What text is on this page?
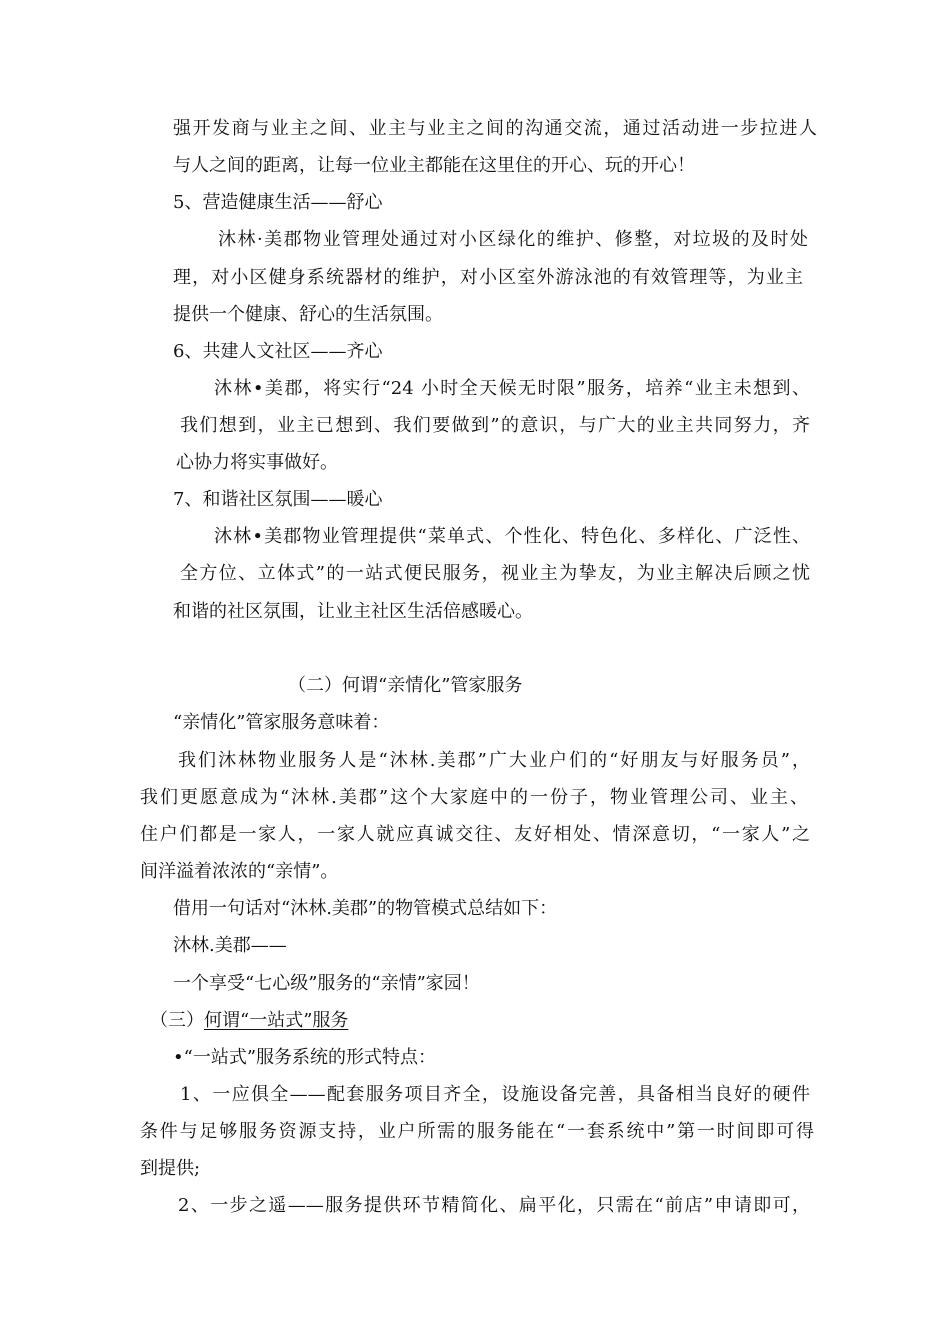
强开发商与业主之间、业主与业主之间的沟通交流，通过活动进一步拉进人
与人之间的距离，让每一位业主都能在这里住的开心、玩的开心！
5、营造健康生活——舒心
沐林·美郡物业管理处通过对小区绿化的维护、修整，对垃圾的及时处
理，对小区健身系统器材的维护，对小区室外游泳池的有效管理等，为业主
提供一个健康、舒心的生活氛围。
6、共建人文社区——齐心
沐林•美郡，将实行“24 小时全天候无时限”服务，培养“业主未想到、
我们想到，业主已想到、我们要做到”的意识，与广大的业主共同努力，齐
心协力将实事做好。
7、和谐社区氛围——暖心
沐林•美郡物业管理提供“菜单式、个性化、特色化、多样化、广泛性、
全方位、立体式”的一站式便民服务，视业主为挚友，为业主解决后顾之忧
和谐的社区氛围，让业主社区生活倍感暖心。
（二）何谓“亲情化”管家服务
“亲情化”管家服务意味着：
我们沐林物业服务人是“沐林.美郡”广大业户们的“好朋友与好服务员”，
我们更愿意成为“沐林.美郡”这个大家庭中的一份子，物业管理公司、业主、
住户们都是一家人，一家人就应真诚交往、友好相处、情深意切，“一家人”之
间洋溢着浓浓的“亲情”。
借用一句话对“沐林.美郡”的物管模式总结如下：
沐林.美郡——
一个享受“七心级”服务的“亲情”家园！
（三）何谓“一站式”服务
•“一站式”服务系统的形式特点：
1、一应俱全——配套服务项目齐全，设施设备完善，具备相当良好的硬件
条件与足够服务资源支持，业户所需的服务能在“一套系统中”第一时间即可得
到提供;
2、一步之遥——服务提供环节精简化、扁平化，只需在“前店”申请即可，
